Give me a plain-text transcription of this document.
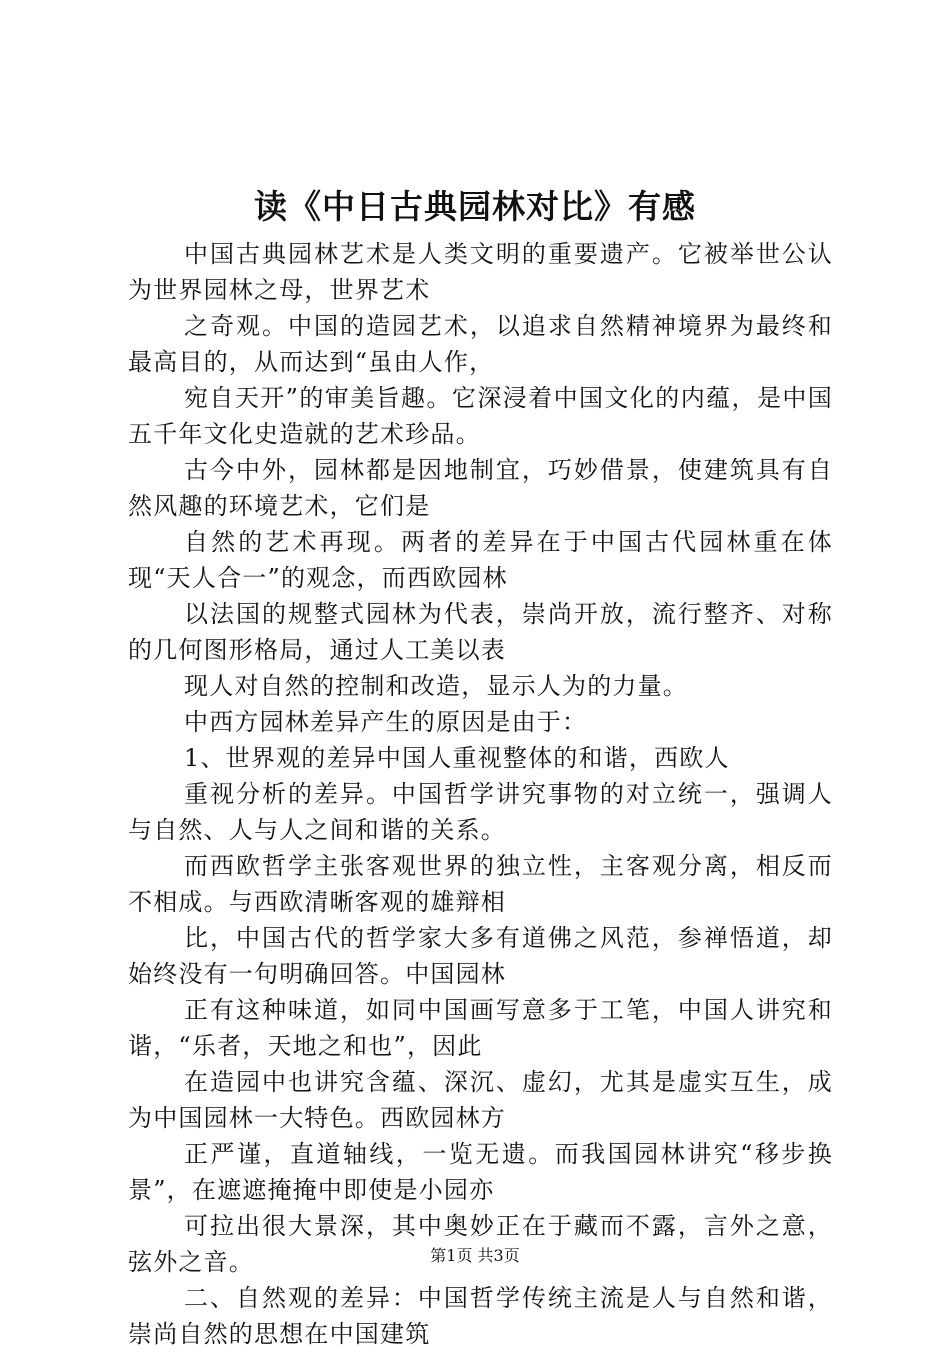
读《中日古典园林对比》有感

中国古典园林艺术是人类文明的重要遗产。它被举世公认为世界园林之母，世界艺术

之奇观。中国的造园艺术，以追求自然精神境界为最终和最高目的，从而达到“虽由人作，

宛自天开”的审美旨趣。它深浸着中国文化的内蕴，是中国五千年文化史造就的艺术珍品。

古今中外，园林都是因地制宜，巧妙借景，使建筑具有自然风趣的环境艺术，它们是

自然的艺术再现。两者的差异在于中国古代园林重在体现“天人合一”的观念，而西欧园林

以法国的规整式园林为代表，崇尚开放，流行整齐、对称的几何图形格局，通过人工美以表

现人对自然的控制和改造，显示人为的力量。

中西方园林差异产生的原因是由于：

1、世界观的差异中国人重视整体的和谐，西欧人

重视分析的差异。中国哲学讲究事物的对立统一，强调人与自然、人与人之间和谐的关系。

而西欧哲学主张客观世界的独立性，主客观分离，相反而不相成。与西欧清晰客观的雄辩相

比，中国古代的哲学家大多有道佛之风范，参禅悟道，却始终没有一句明确回答。中国园林

正有这种味道，如同中国画写意多于工笔，中国人讲究和谐，“乐者，天地之和也”，因此

在造园中也讲究含蕴、深沉、虚幻，尤其是虚实互生，成为中国园林一大特色。西欧园林方

正严谨，直道轴线，一览无遗。而我国园林讲究“移步换景”，在遮遮掩掩中即使是小园亦

可拉出很大景深，其中奥妙正在于藏而不露，言外之意，弦外之音。

二、自然观的差异：中国哲学传统主流是人与自然和谐，崇尚自然的思想在中国建筑

第1页 共3页
